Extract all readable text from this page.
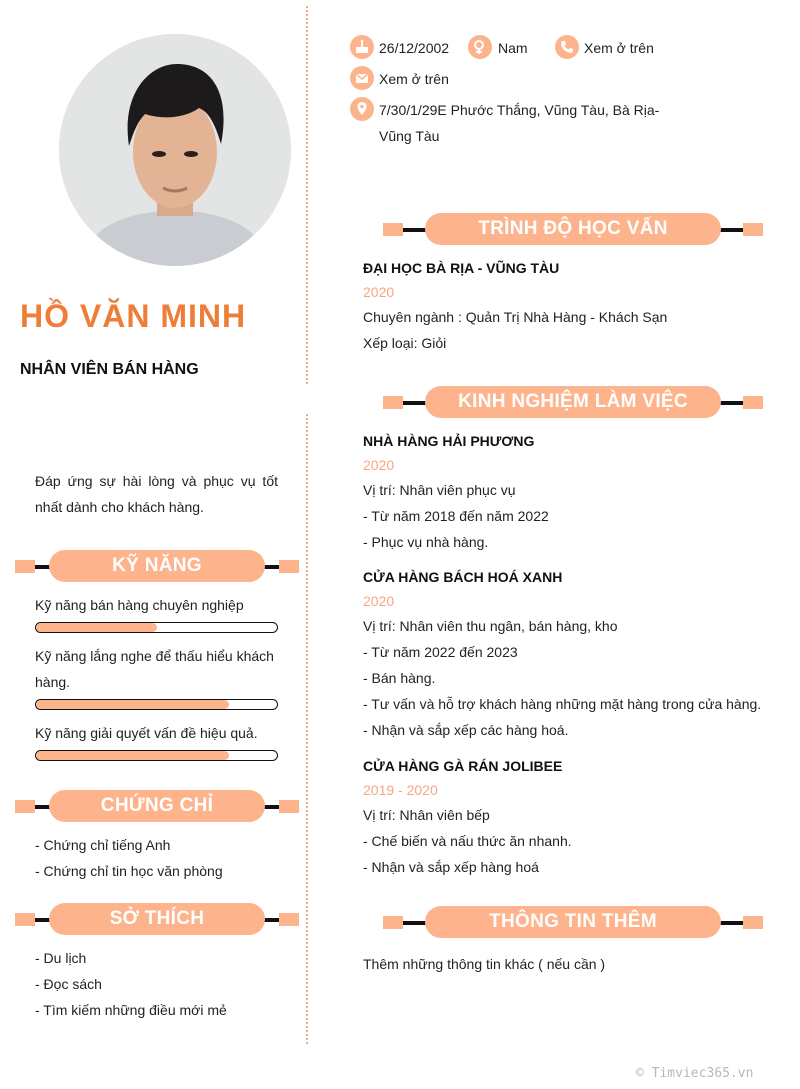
HỒ VĂN MINH
NHÂN VIÊN BÁN HÀNG
Đáp ứng sự hài lòng và phục vụ tốt nhất dành cho khách hàng.
26/12/2002	Nam	Xem ở trên
Xem ở trên
7/30/1/29E Phước Thắng, Vũng Tàu, Bà Rịa-
Vũng Tàu
KỸ NĂNG
Kỹ năng bán hàng chuyên nghiệp
Kỹ năng lắng nghe để thấu hiểu khách hàng.
Kỹ năng giải quyết vấn đề hiệu quả.
CHỨNG CHỈ
- Chứng chỉ tiếng Anh
- Chứng chỉ tin học văn phòng
SỞ THÍCH
- Du lịch
- Đọc sách
- Tìm kiếm những điều mới mẻ
TRÌNH ĐỘ HỌC VẤN
ĐẠI HỌC BÀ RỊA - VŨNG TÀU
2020
Chuyên ngành : Quản Trị Nhà Hàng - Khách Sạn
Xếp loại: Giỏi
KINH NGHIỆM LÀM VIỆC
NHÀ HÀNG HẢI PHƯƠNG
2020
Vị trí: Nhân viên phục vụ
- Từ năm 2018 đến năm 2022
- Phục vụ nhà hàng.
CỬA HÀNG BÁCH HOÁ XANH
2020
Vị trí: Nhân viên thu ngân, bán hàng, kho
- Từ năm 2022 đến 2023
- Bán hàng.
- Tư vấn và hỗ trợ khách hàng những mặt hàng trong cửa hàng.
- Nhận và sắp xếp các hàng hoá.
CỬA HÀNG GÀ RÁN JOLIBEE
2019 - 2020
Vị trí: Nhân viên bếp
- Chế biến và nấu thức ăn nhanh.
- Nhận và sắp xếp hàng hoá
THÔNG TIN THÊM
Thêm những thông tin khác ( nếu cần )
© Timviec365.vn
